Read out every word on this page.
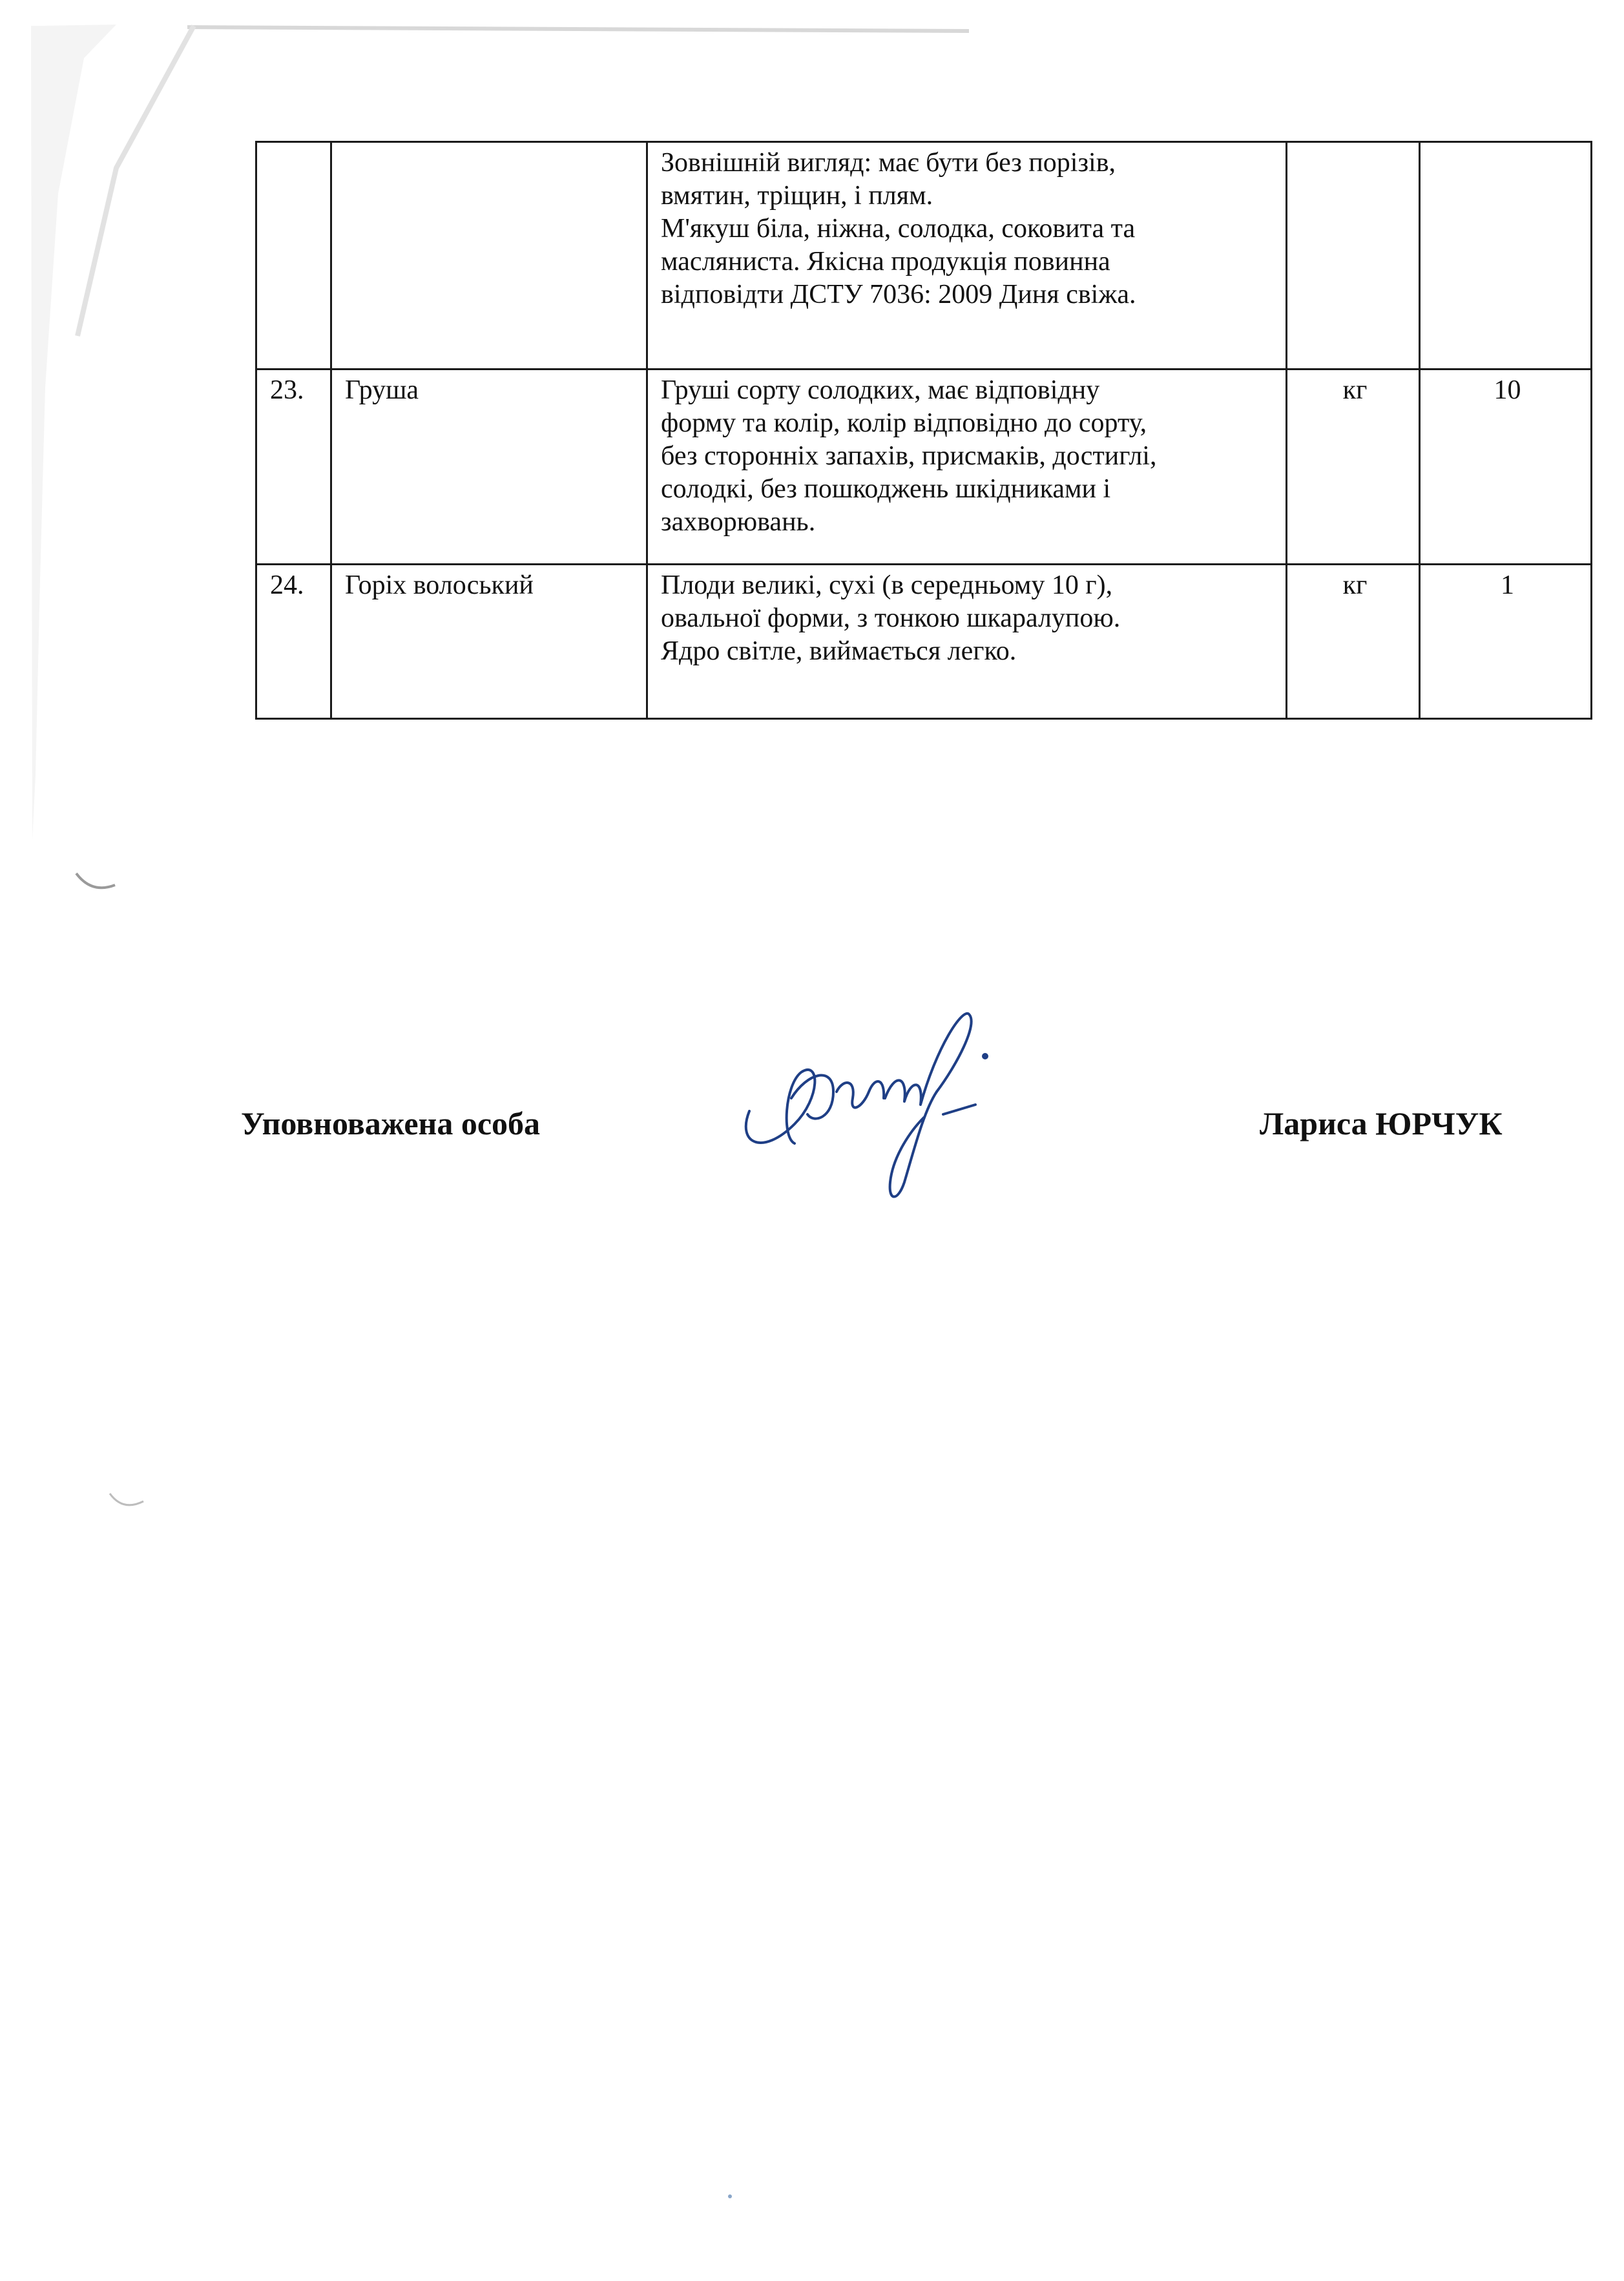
		Зовнішній вигляд: має бути без порізів,
вмятин, тріщин, і плям.
М'якуш біла, ніжна, солодка, соковита та
масляниста. Якісна продукція повинна
відповідти ДСТУ 7036: 2009 Диня свіжа.		

23.	Груша	Груші сорту солодких, має відповідну
форму та колір, колір відповідно до сорту,
без сторонніх запахів, присмаків, достиглі,
солодкі, без пошкоджень шкідниками і
захворювань.	кг	10
24.	Горіх волоський	Плоди великі, сухі (в середньому 10 г),
овальної форми, з тонкою шкаралупою.
Ядро світле, виймається легко.	кг	1
Уповноважена особа	Лариса ЮРЧУК
